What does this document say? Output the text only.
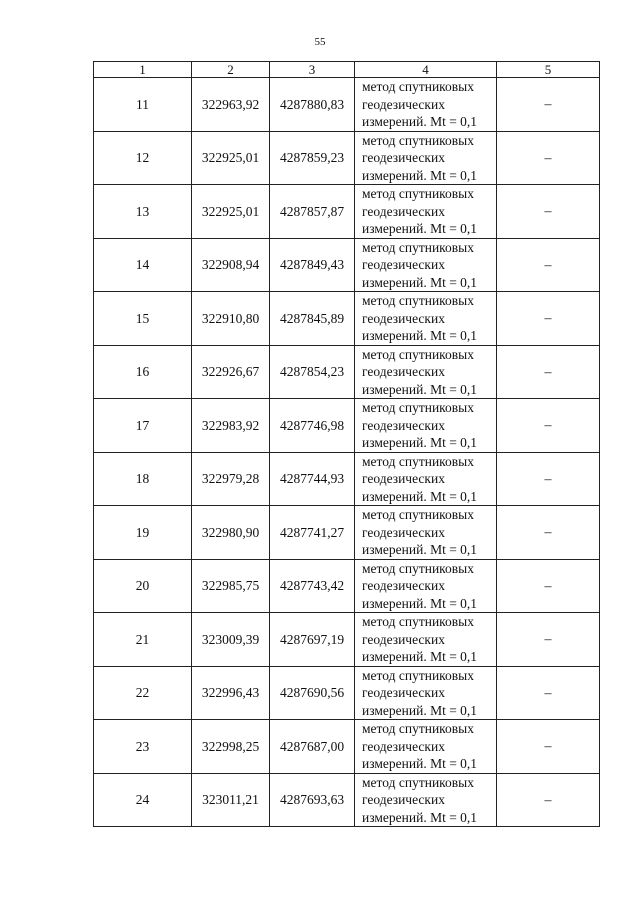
55
1	2	3	4	5
11	322963,92	4287880,83	метод спутниковых
геодезических
измерений. Mt = 0,1	–
12	322925,01	4287859,23	метод спутниковых
геодезических
измерений. Mt = 0,1	–
13	322925,01	4287857,87	метод спутниковых
геодезических
измерений. Mt = 0,1	–
14	322908,94	4287849,43	метод спутниковых
геодезических
измерений. Mt = 0,1	–
15	322910,80	4287845,89	метод спутниковых
геодезических
измерений. Mt = 0,1	–
16	322926,67	4287854,23	метод спутниковых
геодезических
измерений. Mt = 0,1	–
17	322983,92	4287746,98	метод спутниковых
геодезических
измерений. Mt = 0,1	–
18	322979,28	4287744,93	метод спутниковых
геодезических
измерений. Mt = 0,1	–
19	322980,90	4287741,27	метод спутниковых
геодезических
измерений. Mt = 0,1	–
20	322985,75	4287743,42	метод спутниковых
геодезических
измерений. Mt = 0,1	–
21	323009,39	4287697,19	метод спутниковых
геодезических
измерений. Mt = 0,1	–
22	322996,43	4287690,56	метод спутниковых
геодезических
измерений. Mt = 0,1	–
23	322998,25	4287687,00	метод спутниковых
геодезических
измерений. Mt = 0,1	–
24	323011,21	4287693,63	метод спутниковых
геодезических
измерений. Mt = 0,1	–
